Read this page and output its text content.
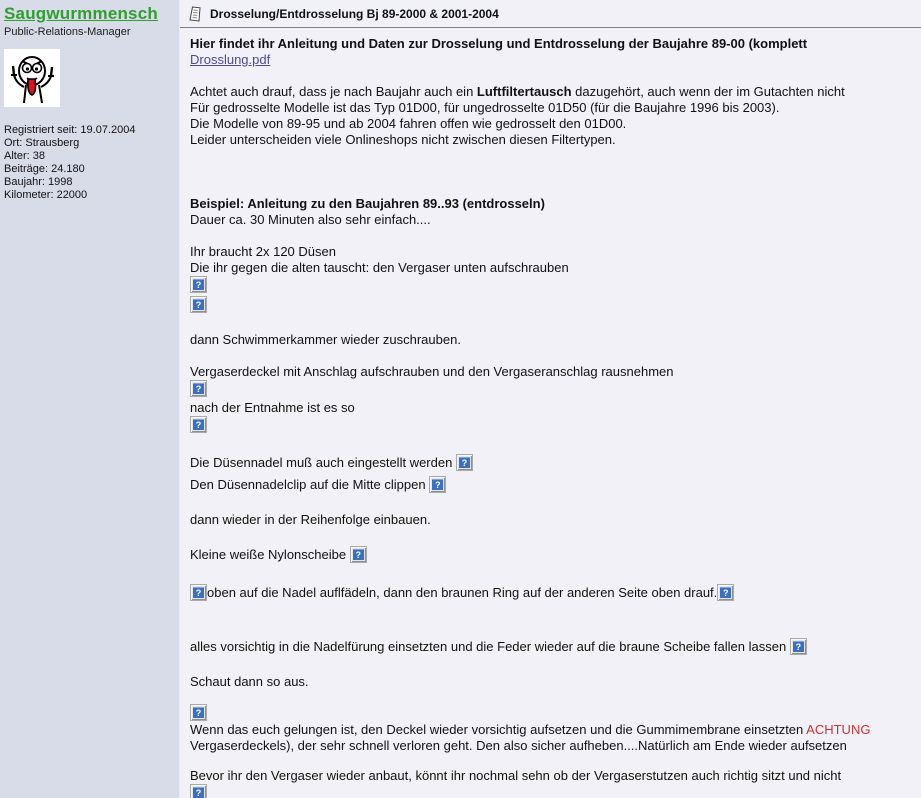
Saugwurmmensch
Public-Relations-Manager
Registriert seit: 19.07.2004
Ort: Strausberg
Alter: 38
Beiträge: 24.180
Baujahr: 1998
Kilometer: 22000
Drosselung/Entdrosselung Bj 89-2000 & 2001-2004
Hier findet ihr Anleitung und Daten zur Drosselung und Entdrosselung der Baujahre 89-00 (komplett
Drosslung.pdf
Achtet auch drauf, dass je nach Baujahr auch ein Luftfiltertausch dazugehört, auch wenn der im Gutachten nicht
Für gedrosselte Modelle ist das Typ 01D00, für ungedrosselte 01D50 (für die Baujahre 1996 bis 2003).
Die Modelle von 89-95 und ab 2004 fahren offen wie gedrosselt den 01D00.
Leider unterscheiden viele Onlineshops nicht zwischen diesen Filtertypen.
Beispiel: Anleitung zu den Baujahren 89..93 (entdrosseln)
Dauer ca. 30 Minuten also sehr einfach....
Ihr braucht 2x 120 Düsen
Die ihr gegen die alten tauscht: den Vergaser unten aufschrauben
?
?
dann Schwimmerkammer wieder zuschrauben.
Vergaserdeckel mit Anschlag aufschrauben und den Vergaseranschlag rausnehmen
?
nach der Entnahme ist es so
?
Die Düsennadel muß auch eingestellt werden ?
Den Düsennadelclip auf die Mitte clippen ?
dann wieder in der Reihenfolge einbauen.
Kleine weiße Nylonscheibe ?
? oben auf die Nadel auflfädeln, dann den braunen Ring auf der anderen Seite oben drauf. ?
alles vorsichtig in die Nadelfürung einsetzten und die Feder wieder auf die braune Scheibe fallen lassen ?
Schaut dann so aus.
?
Wenn das euch gelungen ist, den Deckel wieder vorsichtig aufsetzen und die Gummimembrane einsetzten ACHTUNG
Vergaserdeckels), der sehr schnell verloren geht. Den also sicher aufheben....Natürlich am Ende wieder aufsetzen
Bevor ihr den Vergaser wieder anbaut, könnt ihr nochmal sehn ob der Vergaserstutzen auch richtig sitzt und nicht
?
